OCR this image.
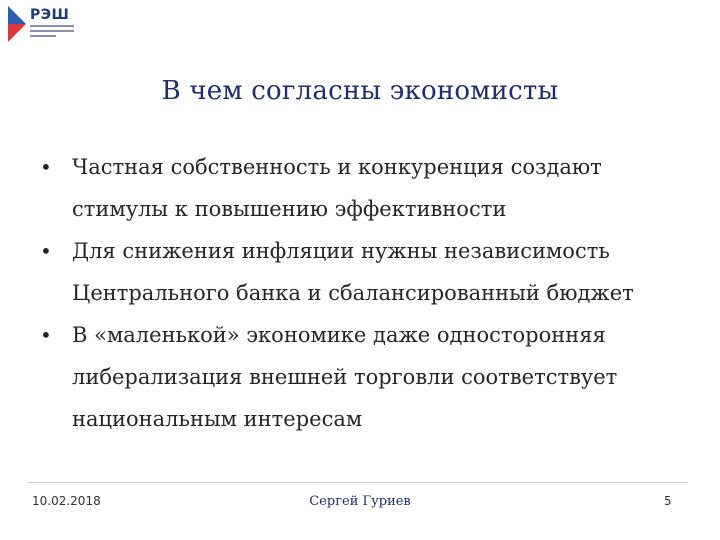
РЭШ
В чем согласны экономисты
• Частная собственность и конкуренция создают стимулы к повышению эффективности
• Для снижения инфляции нужны независимость Центрального банка и сбалансированный бюджет
• В «маленькой» экономике даже односторонняя либерализация внешней торговли соответствует национальным интересам
10.02.2018	Сергей Гуриев	5
